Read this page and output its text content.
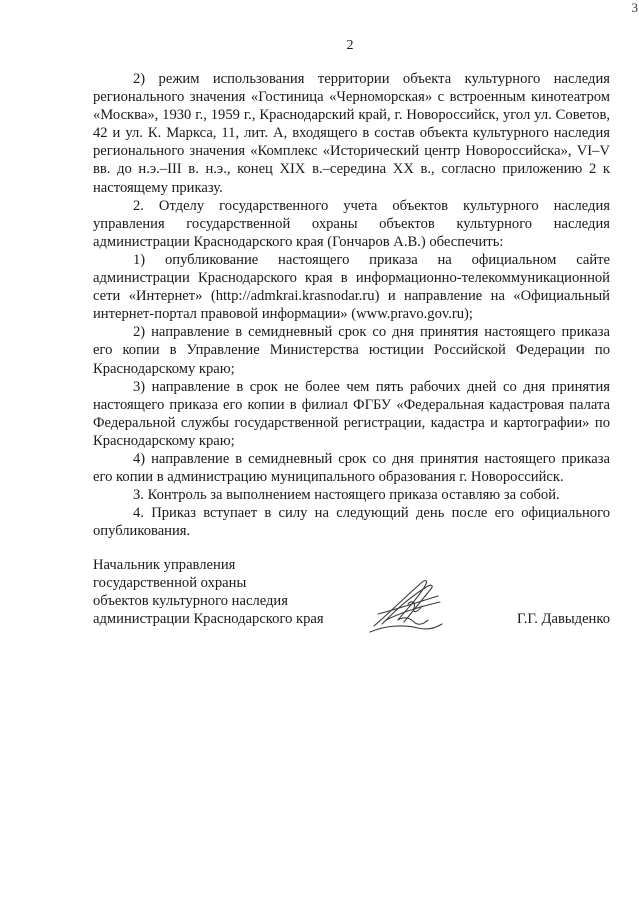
3
2

2) режим использования территории объекта культурного наследия регионального значения «Гостиница «Черноморская» с встроенным кинотеатром «Москва», 1930 г., 1959 г., Краснодарский край, г. Новороссийск, угол ул. Советов, 42 и ул. К. Маркса, 11, лит. А, входящего в состав объекта культурного наследия регионального значения «Комплекс «Исторический центр Новороссийска», VI–V вв. до н.э.–III в. н.э., конец XIX в.–середина XX в., согласно приложению 2 к настоящему приказу.

2. Отделу государственного учета объектов культурного наследия управления государственной охраны объектов культурного наследия администрации Краснодарского края (Гончаров А.В.) обеспечить:

1) опубликование настоящего приказа на официальном сайте администрации Краснодарского края в информационно-телекоммуникационной сети «Интернет» (http://admkrai.krasnodar.ru) и направление на «Официальный интернет-портал правовой информации» (www.pravo.gov.ru);

2) направление в семидневный срок со дня принятия настоящего приказа его копии в Управление Министерства юстиции Российской Федерации по Краснодарскому краю;

3) направление в срок не более чем пять рабочих дней со дня принятия настоящего приказа его копии в филиал ФГБУ «Федеральная кадастровая палата Федеральной службы государственной регистрации, кадастра и картографии» по Краснодарскому краю;

4) направление в семидневный срок со дня принятия настоящего приказа его копии в администрацию муниципального образования г. Новороссийск.

3. Контроль за выполнением настоящего приказа оставляю за собой.

4. Приказ вступает в силу на следующий день после его официального опубликования.

Начальник управления
государственной охраны
объектов культурного наследия
администрации Краснодарского края	Г.Г. Давыденко
